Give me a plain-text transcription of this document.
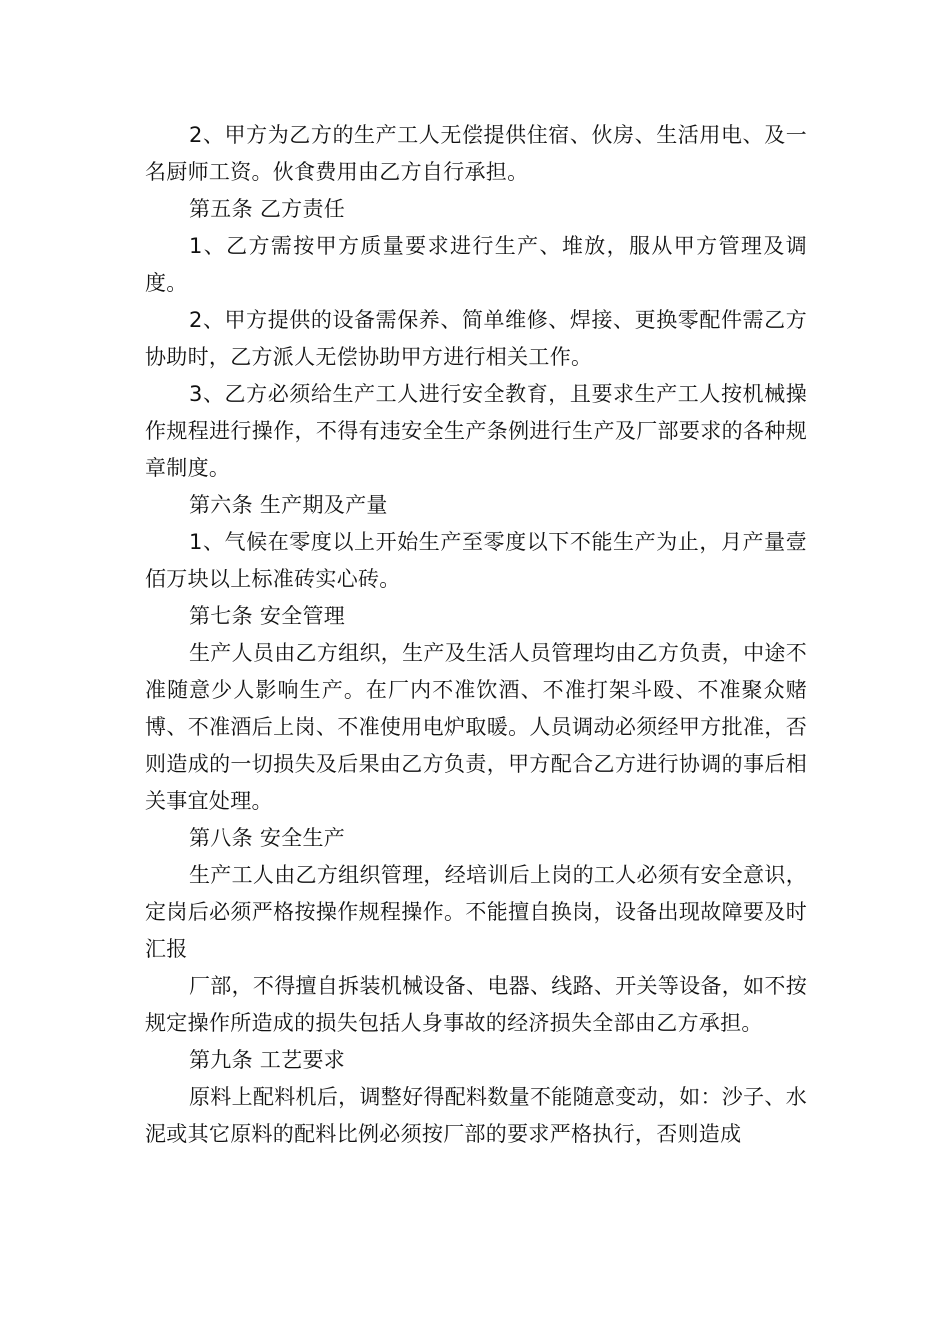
2、甲方为乙方的生产工人无偿提供住宿、伙房、生活用电、及一名厨师工资。伙食费用由乙方自行承担。

第五条 乙方责任

1、乙方需按甲方质量要求进行生产、堆放，服从甲方管理及调度。

2、甲方提供的设备需保养、简单维修、焊接、更换零配件需乙方协助时，乙方派人无偿协助甲方进行相关工作。

3、乙方必须给生产工人进行安全教育，且要求生产工人按机械操作规程进行操作，不得有违安全生产条例进行生产及厂部要求的各种规章制度。

第六条 生产期及产量

1、气候在零度以上开始生产至零度以下不能生产为止，月产量壹佰万块以上标准砖实心砖。

第七条 安全管理

生产人员由乙方组织，生产及生活人员管理均由乙方负责，中途不准随意少人影响生产。在厂内不准饮酒、不准打架斗殴、不准聚众赌博、不准酒后上岗、不准使用电炉取暖。人员调动必须经甲方批准，否则造成的一切损失及后果由乙方负责，甲方配合乙方进行协调的事后相关事宜处理。

第八条 安全生产

生产工人由乙方组织管理，经培训后上岗的工人必须有安全意识，定岗后必须严格按操作规程操作。不能擅自换岗，设备出现故障要及时汇报

厂部，不得擅自拆装机械设备、电器、线路、开关等设备，如不按规定操作所造成的损失包括人身事故的经济损失全部由乙方承担。

第九条 工艺要求

原料上配料机后，调整好得配料数量不能随意变动，如：沙子、水泥或其它原料的配料比例必须按厂部的要求严格执行，否则造成
